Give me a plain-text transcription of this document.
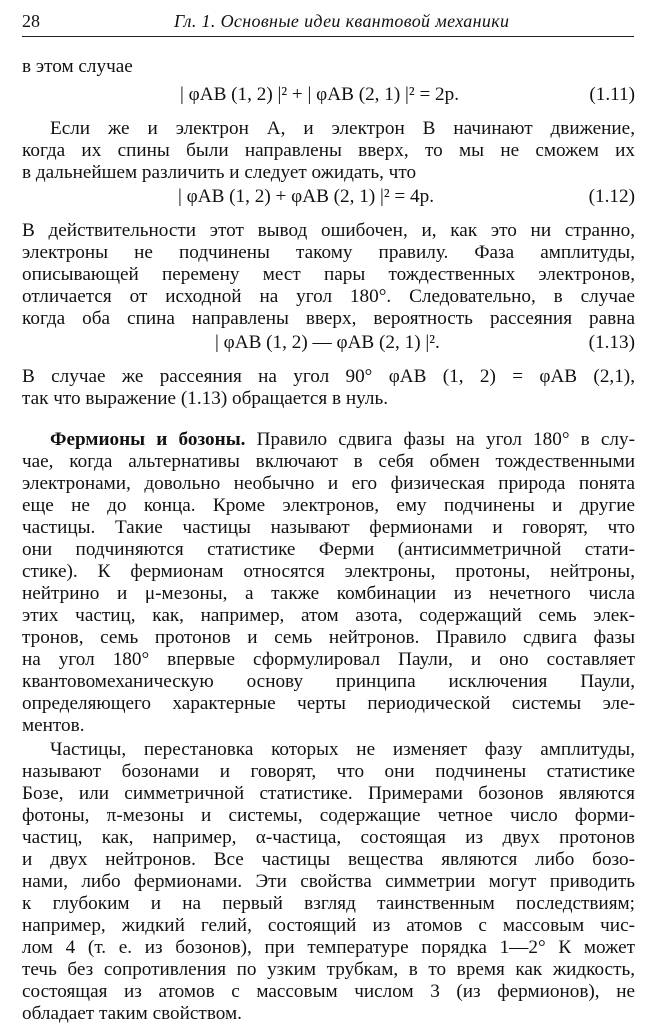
28	Гл. 1. Основные идеи квантовой механики
в этом случае
| φAB (1, 2) |² + | φAB (2, 1) |² = 2p.	(1.11)
Если же и электрон A, и электрон B начинают движение,
когда их спины были направлены вверх, то мы не сможем их
в дальнейшем различить и следует ожидать, что
| φAB (1, 2) + φAB (2, 1) |² = 4p.	(1.12)
В действительности этот вывод ошибочен, и, как это ни странно,
электроны не подчинены такому правилу. Фаза амплитуды,
описывающей перемену мест пары тождественных электронов,
отличается от исходной на угол 180°. Следовательно, в случае
когда оба спина направлены вверх, вероятность рассеяния равна
| φAB (1, 2) — φAB (2, 1) |².	(1.13)
В случае же рассеяния на угол 90° φAB (1, 2) = φAB (2,1),
так что выражение (1.13) обращается в нуль.
Фермионы и бозоны. Правило сдвига фазы на угол 180° в слу-
чае, когда альтернативы включают в себя обмен тождественными
электронами, довольно необычно и его физическая природа понята
еще не до конца. Кроме электронов, ему подчинены и другие
частицы. Такие частицы называют фермионами и говорят, что
они подчиняются статистике Ферми (антисимметричной стати-
стике). К фермионам относятся электроны, протоны, нейтроны,
нейтрино и μ-мезоны, а также комбинации из нечетного числа
этих частиц, как, например, атом азота, содержащий семь элек-
тронов, семь протонов и семь нейтронов. Правило сдвига фазы
на угол 180° впервые сформулировал Паули, и оно составляет
квантовомеханическую основу принципа исключения Паули,
определяющего характерные черты периодической системы эле-
ментов.
Частицы, перестановка которых не изменяет фазу амплитуды,
называют бозонами и говорят, что они подчинены статистике
Бозе, или симметричной статистике. Примерами бозонов являются
фотоны, π-мезоны и системы, содержащие четное число форми-
частиц, как, например, α-частица, состоящая из двух протонов
и двух нейтронов. Все частицы вещества являются либо бозо-
нами, либо фермионами. Эти свойства симметрии могут приводить
к глубоким и на первый взгляд таинственным последствиям;
например, жидкий гелий, состоящий из атомов с массовым чис-
лом 4 (т. е. из бозонов), при температуре порядка 1—2° К может
течь без сопротивления по узким трубкам, в то время как жидкость,
состоящая из атомов с массовым числом 3 (из фермионов), не
обладает таким свойством.
